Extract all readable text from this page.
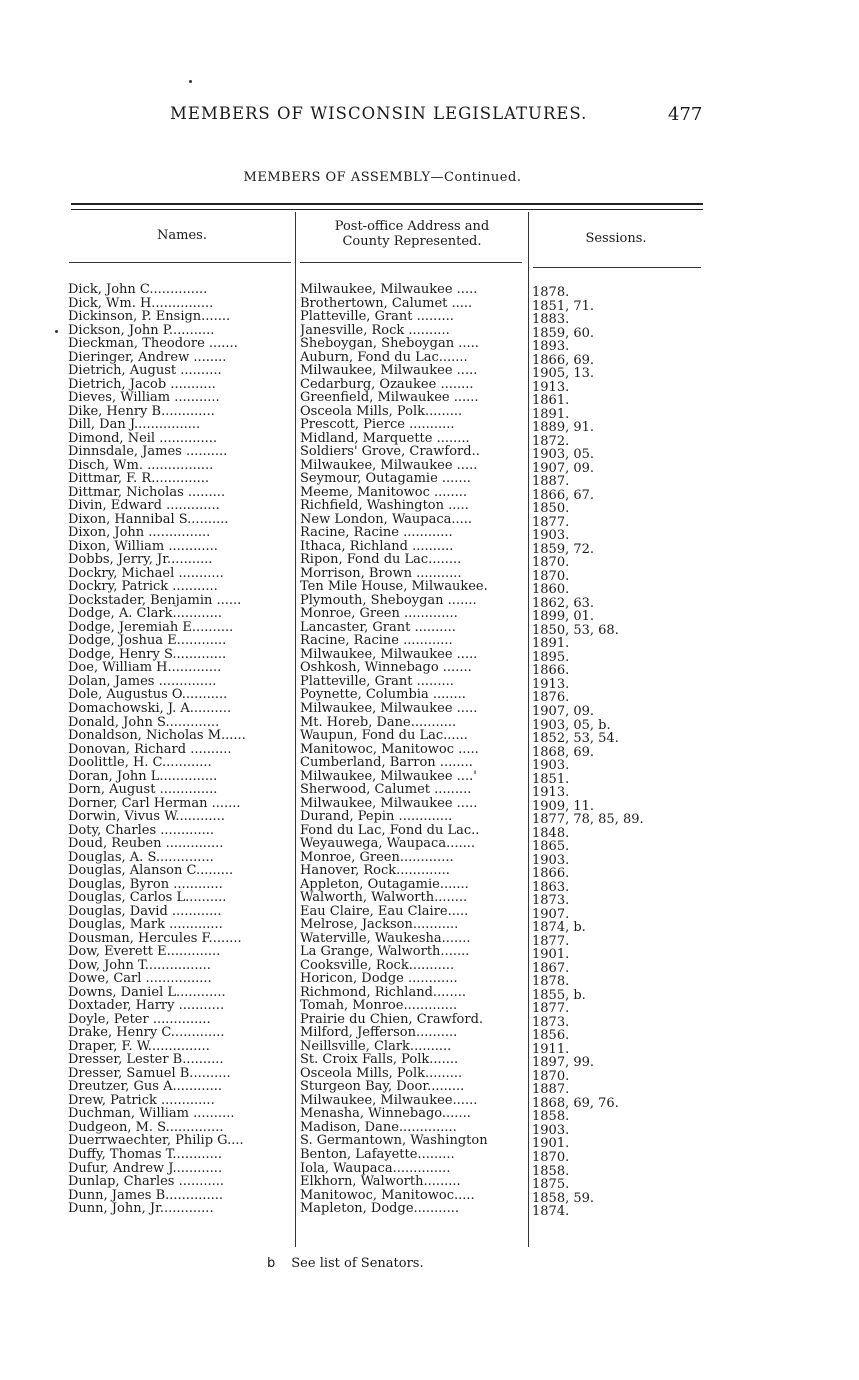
MEMBERS OF WISCONSIN LEGISLATURES.	477
MEMBERS OF ASSEMBLY—Continued.
Names.
Post-office Address and
County Represented.	Sessions.
Dick, John C..............	Milwaukee, Milwaukee .....	1878.
Dick, Wm. H...............	Brothertown, Calumet .....	1851, 71.
Dickinson, P. Ensign.......	Platteville, Grant .........	1883.
Dickson, John P...........	Janesville, Rock ..........	1859, 60.
Dieckman, Theodore .......	Sheboygan, Sheboygan .....	1893.
Dieringer, Andrew ........	Auburn, Fond du Lac.......	1866, 69.
Dietrich, August ..........	Milwaukee, Milwaukee .....	1905, 13.
Dietrich, Jacob ...........	Cedarburg, Ozaukee ........	1913.
Dieves, William ...........	Greenfield, Milwaukee ......	1861.
Dike, Henry B.............	Osceola Mills, Polk.........	1891.
Dill, Dan J................	Prescott, Pierce ...........	1889, 91.
Dimond, Neil ..............	Midland, Marquette ........	1872.
Dinnsdale, James ..........	Soldiers' Grove, Crawford..	1903, 05.
Disch, Wm. ................	Milwaukee, Milwaukee .....	1907, 09.
Dittmar, F. R..............	Seymour, Outagamie .......	1887.
Dittmar, Nicholas .........	Meeme, Manitowoc ........	1866, 67.
Divin, Edward .............	Richfield, Washington .....	1850.
Dixon, Hannibal S..........	New London, Waupaca.....	1877.
Dixon, John ...............	Racine, Racine ............	1903.
Dixon, William ............	Ithaca, Richland ..........	1859, 72.
Dobbs, Jerry, Jr...........	Ripon, Fond du Lac........	1870.
Dockry, Michael ...........	Morrison, Brown ...........	1870.
Dockry, Patrick ...........	Ten Mile House, Milwaukee.	1860.
Dockstader, Benjamin ......	Plymouth, Sheboygan .......	1862, 63.
Dodge, A. Clark............	Monroe, Green .............	1899, 01.
Dodge, Jeremiah E..........	Lancaster, Grant ..........	1850, 53, 68.
Dodge, Joshua E............	Racine, Racine ............	1891.
Dodge, Henry S.............	Milwaukee, Milwaukee .....	1895.
Doe, William H.............	Oshkosh, Winnebago .......	1866.
Dolan, James ..............	Platteville, Grant .........	1913.
Dole, Augustus O...........	Poynette, Columbia ........	1876.
Domachowski, J. A..........	Milwaukee, Milwaukee .....	1907, 09.
Donald, John S.............	Mt. Horeb, Dane...........	1903, 05, b.
Donaldson, Nicholas M......	Waupun, Fond du Lac......	1852, 53, 54.
Donovan, Richard ..........	Manitowoc, Manitowoc .....	1868, 69.
Doolittle, H. C............	Cumberland, Barron ........	1903.
Doran, John L..............	Milwaukee, Milwaukee ....'	1851.
Dorn, August ..............	Sherwood, Calumet .........	1913.
Dorner, Carl Herman .......	Milwaukee, Milwaukee .....	1909, 11.
Dorwin, Vivus W............	Durand, Pepin .............	1877, 78, 85, 89.
Doty, Charles .............	Fond du Lac, Fond du Lac..	1848.
Doud, Reuben ..............	Weyauwega, Waupaca.......	1865.
Douglas, A. S..............	Monroe, Green.............	1903.
Douglas, Alanson C.........	Hanover, Rock.............	1866.
Douglas, Byron ............	Appleton, Outagamie.......	1863.
Douglas, Carlos L..........	Walworth, Walworth........	1873.
Douglas, David ............	Eau Claire, Eau Claire.....	1907.
Douglas, Mark .............	Melrose, Jackson...........	1874, b.
Dousman, Hercules F........	Waterville, Waukesha.......	1877.
Dow, Everett E.............	La Grange, Walworth.......	1901.
Dow, John T................	Cooksville, Rock...........	1867.
Dowe, Carl ................	Horicon, Dodge ............	1878.
Downs, Daniel L............	Richmond, Richland........	1855, b.
Doxtader, Harry ...........	Tomah, Monroe.............	1877.
Doyle, Peter ..............	Prairie du Chien, Crawford.	1873.
Drake, Henry C.............	Milford, Jefferson..........	1856.
Draper, F. W...............	Neillsville, Clark..........	1911.
Dresser, Lester B..........	St. Croix Falls, Polk.......	1897, 99.
Dresser, Samuel B..........	Osceola Mills, Polk.........	1870.
Dreutzer, Gus A............	Sturgeon Bay, Door.........	1887.
Drew, Patrick .............	Milwaukee, Milwaukee......	1868, 69, 76.
Duchman, William ..........	Menasha, Winnebago.......	1858.
Dudgeon, M. S..............	Madison, Dane..............	1903.
Duerrwaechter, Philip G....	S. Germantown, Washington	1901.
Duffy, Thomas T............	Benton, Lafayette.........	1870.
Dufur, Andrew J............	Iola, Waupaca..............	1858.
Dunlap, Charles ...........	Elkhorn, Walworth.........	1875.
Dunn, James B..............	Manitowoc, Manitowoc.....	1858, 59.
Dunn, John, Jr.............	Mapleton, Dodge...........	1874.
b See list of Senators.
